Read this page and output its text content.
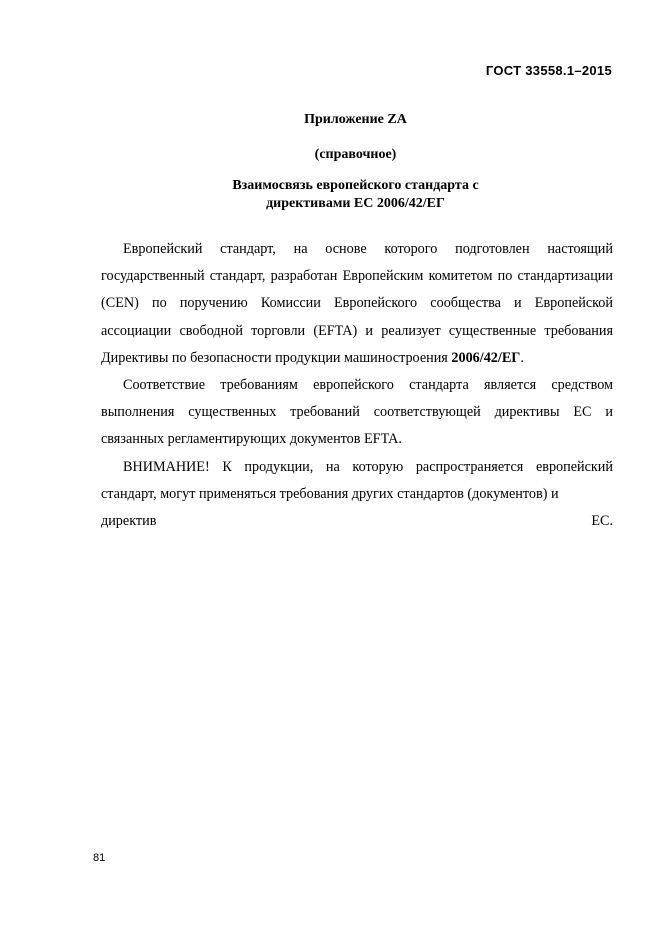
ГОСТ 33558.1–2015
Приложение ZA
(справочное)
Взаимосвязь европейского стандарта с
директивами ЕС 2006/42/ЕГ

Европейский стандарт, на основе которого подготовлен настоящий государственный стандарт, разработан Европейским комитетом по стандартизации (CEN) по поручению Комиссии Европейского сообщества и Европейской ассоциации свободной торговли (EFTA) и реализует существенные требования Директивы по безопасности продукции машиностроения 2006/42/ЕГ.

Соответствие требованиям европейского стандарта является средством выполнения существенных требований соответствующей директивы ЕС и связанных регламентирующих документов EFTA.

ВНИМАНИЕ! К продукции, на которую распространяется европейский стандарт, могут применяться требования других стандартов (документов) и

директив	ЕС.
81
